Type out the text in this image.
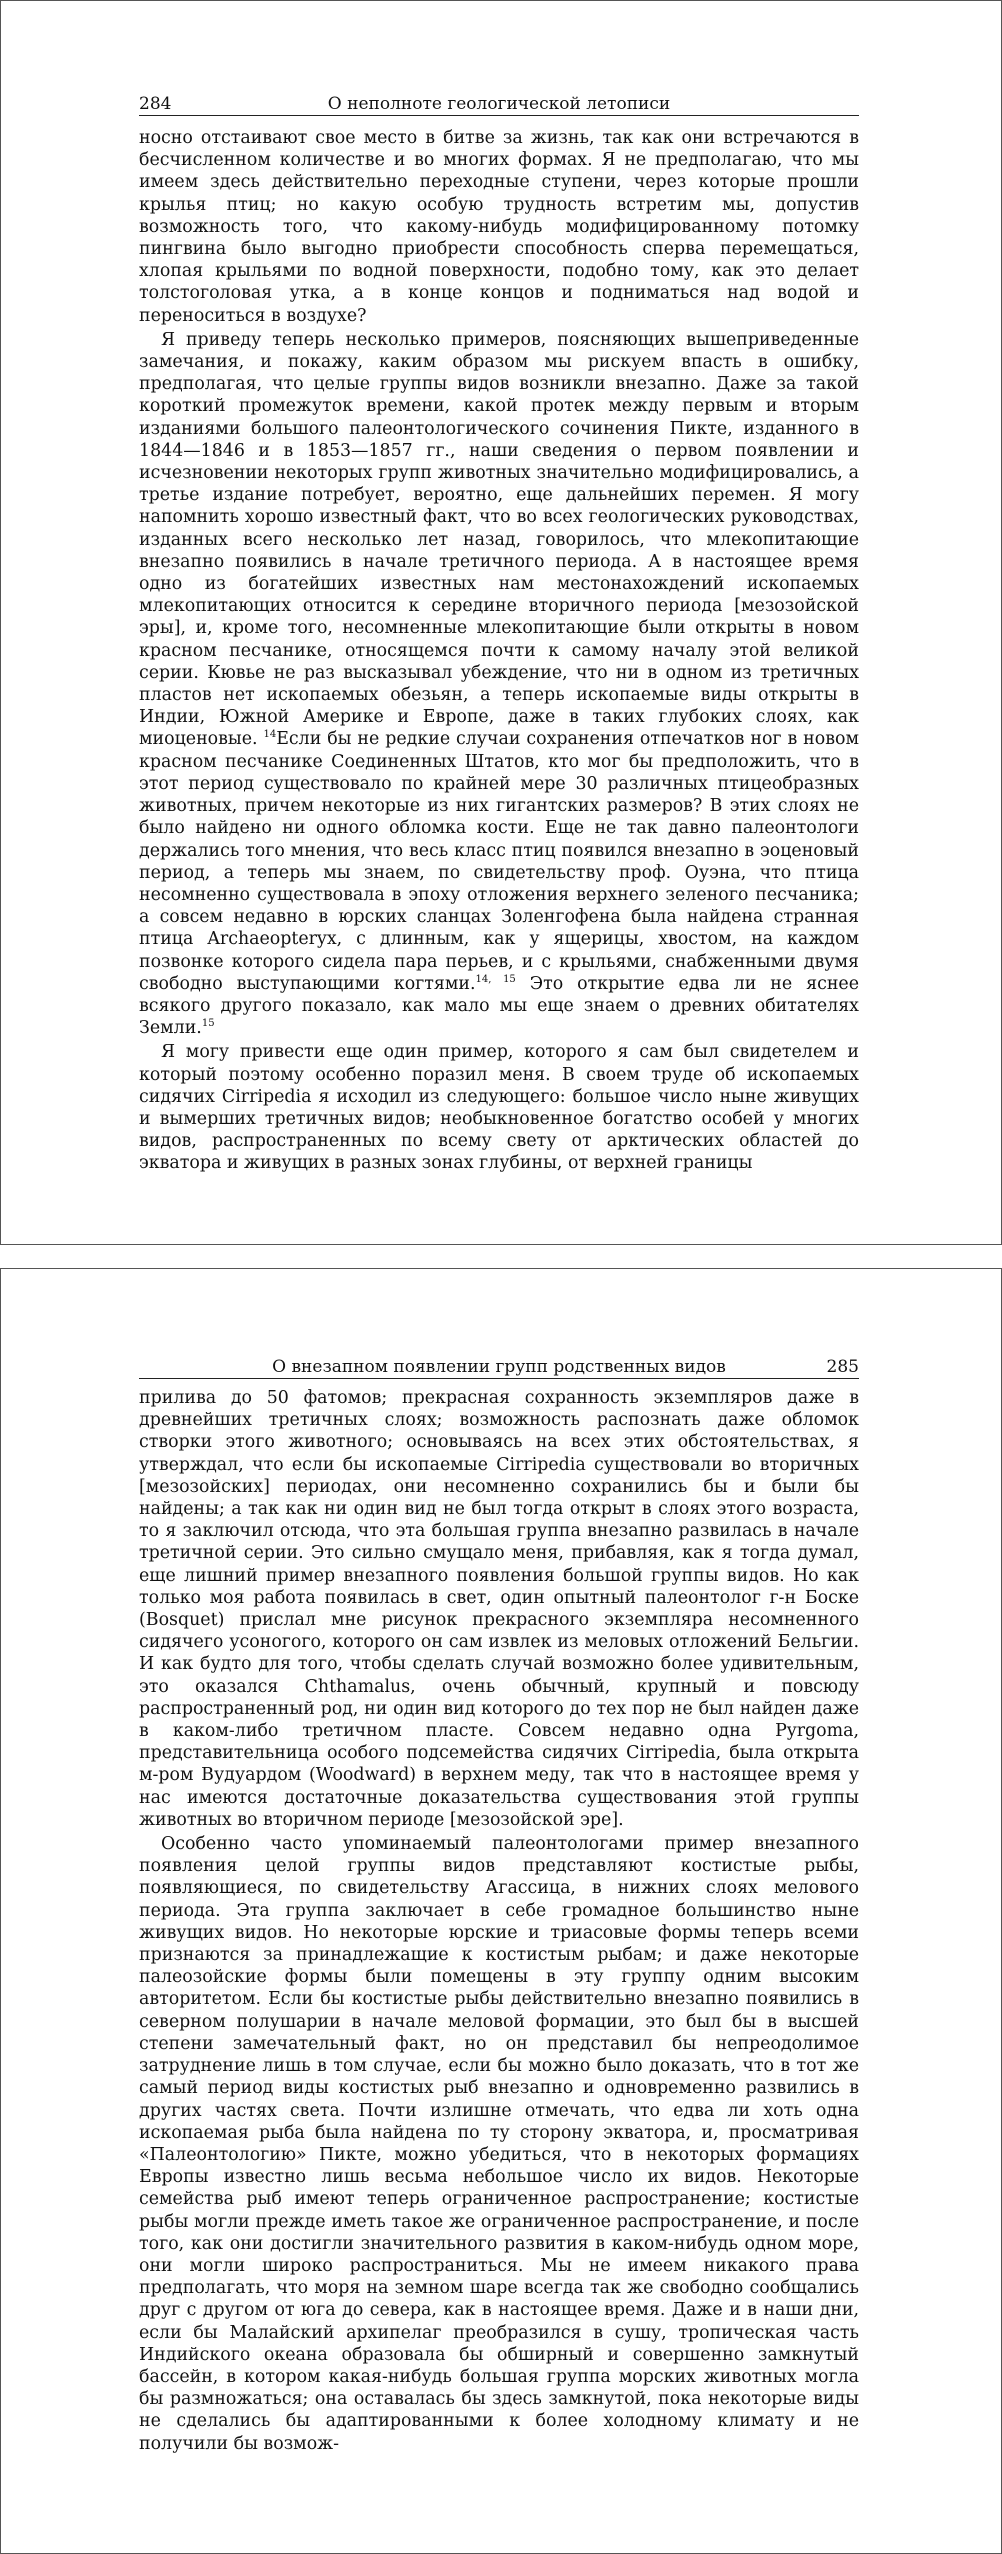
284	О неполноте геологической летописи

носно отстаивают свое место в битве за жизнь, так как они встречаются в бесчисленном количестве и во многих формах. Я не предполагаю, что мы имеем здесь действительно переходные ступени, через которые прошли крылья птиц; но какую особую трудность встретим мы, допустив возможность того, что какому-нибудь модифицированному потомку пингвина было выгодно приобрести способность сперва перемещаться, хлопая крыльями по водной поверхности, подобно тому, как это делает толстоголовая утка, а в конце концов и подниматься над водой и переноситься в воздухе?

Я приведу теперь несколько примеров, поясняющих вышеприведенные замечания, и покажу, каким образом мы рискуем впасть в ошибку, предполагая, что целые группы видов возникли внезапно. Даже за такой короткий промежуток времени, какой протек между первым и вторым изданиями большого палеонтологического сочинения Пикте, изданного в 1844—1846 и в 1853—1857 гг., наши сведения о первом появлении и исчезновении некоторых групп животных значительно модифицировались, а третье издание потребует, вероятно, еще дальнейших перемен. Я могу напомнить хорошо известный факт, что во всех геологических руководствах, изданных всего несколько лет назад, говорилось, что млекопитающие внезапно появились в начале третичного периода. А в настоящее время одно из богатейших известных нам местонахождений ископаемых млекопитающих относится к середине вторичного периода [мезозойской эры], и, кроме того, несомненные млекопитающие были открыты в новом красном песчанике, относящемся почти к самому началу этой великой серии. Кювье не раз высказывал убеждение, что ни в одном из третичных пластов нет ископаемых обезьян, а теперь ископаемые виды открыты в Индии, Южной Америке и Европе, даже в таких глубоких слоях, как миоценовые. $^{14}$Если бы не редкие случаи сохранения отпечатков ног в новом красном песчанике Соединенных Штатов, кто мог бы предположить, что в этот период существовало по крайней мере 30 различных птицеобразных животных, причем некоторые из них гигантских размеров? В этих слоях не было найдено ни одного обломка кости. Еще не так давно палеонтологи держались того мнения, что весь класс птиц появился внезапно в эоценовый период, а теперь мы знаем, по свидетельству проф. Оуэна, что птица несомненно существовала в эпоху отложения верхнего зеленого песчаника; а совсем недавно в юрских сланцах Золенгофена была найдена странная птица Archaeopteryx, с длинным, как у ящерицы, хвостом, на каждом позвонке которого сидела пара перьев, и с крыльями, снабженными двумя свободно выступающими когтями.$^{14, 15}$ Это открытие едва ли не яснее всякого другого показало, как мало мы еще знаем о древних обитателях Земли.$^{15}$

Я могу привести еще один пример, которого я сам был свидетелем и который поэтому особенно поразил меня. В своем труде об ископаемых сидячих Cirripedia я исходил из следующего: большое число ныне живущих и вымерших третичных видов; необыкновенное богатство особей у многих видов, распространенных по всему свету от арктических областей до экватора и живущих в разных зонах глубины, от верхней границы

О внезапном появлении групп родственных видов	285

прилива до 50 фатомов; прекрасная сохранность экземпляров даже в древнейших третичных слоях; возможность распознать даже обломок створки этого животного; основываясь на всех этих обстоятельствах, я утверждал, что если бы ископаемые Cirripedia существовали во вторичных [мезозойских] периодах, они несомненно сохранились бы и были бы найдены; а так как ни один вид не был тогда открыт в слоях этого возраста, то я заключил отсюда, что эта большая группа внезапно развилась в начале третичной серии. Это сильно смущало меня, прибавляя, как я тогда думал, еще лишний пример внезапного появления большой группы видов. Но как только моя работа появилась в свет, один опытный палеонтолог г-н Боске (Bosquet) прислал мне рисунок прекрасного экземпляра несомненного сидячего усоногого, которого он сам извлек из меловых отложений Бельгии. И как будто для того, чтобы сделать случай возможно более удивительным, это оказался Chthamalus, очень обычный, крупный и повсюду распространенный род, ни один вид которого до тех пор не был найден даже в каком-либо третичном пласте. Совсем недавно одна Pyrgoma, представительница особого подсемейства сидячих Cirripedia, была открыта м-ром Вудуардом (Woodward) в верхнем меду, так что в настоящее время у нас имеются достаточные доказательства существования этой группы животных во вторичном периоде [мезозойской эре].

Особенно часто упоминаемый палеонтологами пример внезапного появления целой группы видов представляют костистые рыбы, появляющиеся, по свидетельству Агассица, в нижних слоях мелового периода. Эта группа заключает в себе громадное большинство ныне живущих видов. Но некоторые юрские и триасовые формы теперь всеми признаются за принадлежащие к костистым рыбам; и даже некоторые палеозойские формы были помещены в эту группу одним высоким авторитетом. Если бы костистые рыбы действительно внезапно появились в северном полушарии в начале меловой формации, это был бы в высшей степени замечательный факт, но он представил бы непреодолимое затруднение лишь в том случае, если бы можно было доказать, что в тот же самый период виды костистых рыб внезапно и одновременно развились в других частях света. Почти излишне отмечать, что едва ли хоть одна ископаемая рыба была найдена по ту сторону экватора, и, просматривая «Палеонтологию» Пикте, можно убедиться, что в некоторых формациях Европы известно лишь весьма небольшое число их видов. Некоторые семейства рыб имеют теперь ограниченное распространение; костистые рыбы могли прежде иметь такое же ограниченное распространение, и после того, как они достигли значительного развития в каком-нибудь одном море, они могли широко распространиться. Мы не имеем никакого права предполагать, что моря на земном шаре всегда так же свободно сообщались друг с другом от юга до севера, как в настоящее время. Даже и в наши дни, если бы Малайский архипелаг преобразился в сушу, тропическая часть Индийского океана образовала бы обширный и совершенно замкнутый бассейн, в котором какая-нибудь большая группа морских животных могла бы размножаться; она оставалась бы здесь замкнутой, пока некоторые виды не сделались бы адаптированными к более холодному климату и не получили бы возмож-
